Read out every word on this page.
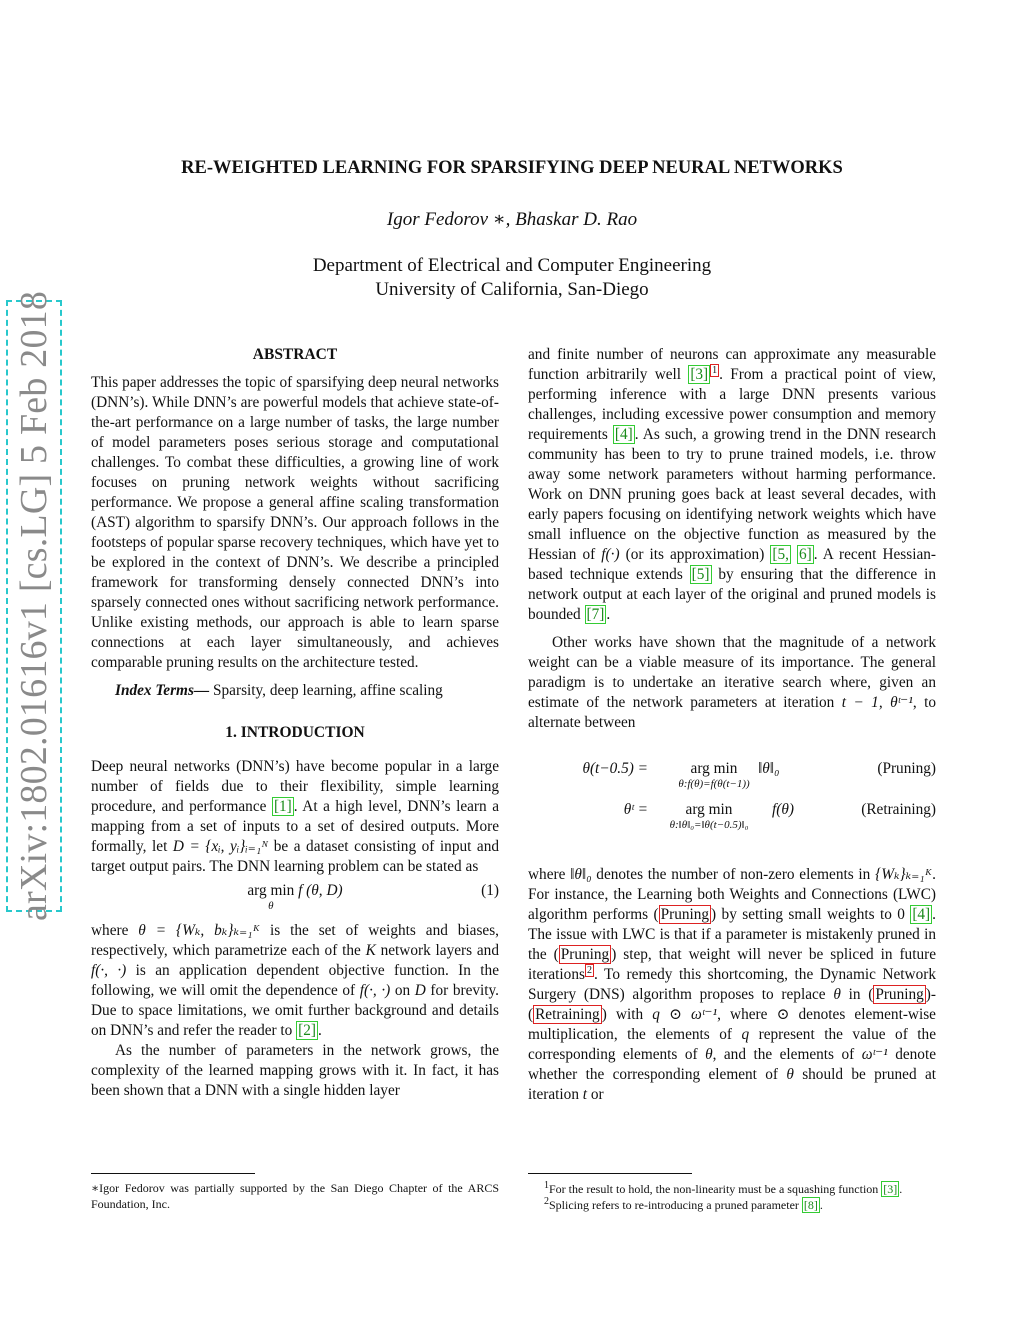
arXiv:1802.01616v1 [cs.LG] 5 Feb 2018
RE-WEIGHTED LEARNING FOR SPARSIFYING DEEP NEURAL NETWORKS
Igor Fedorov ∗, Bhaskar D. Rao
Department of Electrical and Computer Engineering
University of California, San-Diego

ABSTRACT

This paper addresses the topic of sparsifying deep neural networks (DNN’s). While DNN’s are powerful models that achieve state-of-the-art performance on a large number of tasks, the large number of model parameters poses serious storage and computational challenges. To combat these difficulties, a growing line of work focuses on pruning network weights without sacrificing performance. We propose a general affine scaling transformation (AST) algorithm to sparsify DNN’s. Our approach follows in the footsteps of popular sparse recovery techniques, which have yet to be explored in the context of DNN’s. We describe a principled framework for transforming densely connected DNN’s into sparsely connected ones without sacrificing network performance. Unlike existing methods, our approach is able to learn sparse connections at each layer simultaneously, and achieves comparable pruning results on the architecture tested.

Index Terms— Sparsity, deep learning, affine scaling

1. INTRODUCTION

Deep neural networks (DNN’s) have become popular in a large number of fields due to their flexibility, simple learning procedure, and performance [1] . At a high level, DNN’s learn a mapping from a set of inputs to a set of desired outputs. More formally, let D = {xᵢ, yᵢ}ᵢ₌₁ᴺ be a dataset consisting of input and target output pairs. The DNN learning problem can be stated as

arg min
θ
f (θ, D)	(1)

where θ = {Wₖ, bₖ}ₖ₌₁ᴷ is the set of weights and biases, respectively, which parametrize each of the K network layers and f(·, ·) is an application dependent objective function. In the following, we will omit the dependence of f(·, ·) on D for brevity. Due to space limitations, we omit further background and details on DNN’s and refer the reader to [2] .

As the number of parameters in the network grows, the complexity of the learned mapping grows with it. In fact, it has been shown that a DNN with a single hidden layer

∗Igor Fedorov was partially supported by the San Diego Chapter of the ARCS Foundation, Inc.

and finite number of neurons can approximate any measurable function arbitrarily well [3] $^1$ . From a practical point of view, performing inference with a large DNN presents various challenges, including excessive power consumption and memory requirements [4] . As such, a growing trend in the DNN research community has been to try to prune trained models, i.e. throw away some network parameters without harming performance. Work on DNN pruning goes back at least several decades, with early papers focusing on identifying network weights which have small influence on the objective function as measured by the Hessian of f(·) (or its approximation) [5, 6] . A recent Hessian-based technique extends [5] by ensuring that the difference in network output at each layer of the original and pruned models is bounded [7] .

Other works have shown that the magnitude of a network weight can be a viable measure of its importance. The general paradigm is to undertake an iterative search where, given an estimate of the network parameters at iteration t − 1, θᵗ⁻¹, to alternate between

θ(t−0.5) =	arg min
θ:f(θ)=f(θ(t−1))
‖θ‖₀	(Pruning)
θᵗ =	arg min
θ:‖θ‖₀=‖θ(t−0.5)‖₀
f(θ)	(Retraining)

where ‖θ‖₀ denotes the number of non-zero elements in {Wₖ}ₖ₌₁ᴷ. For instance, the Learning both Weights and Connections (LWC) algorithm performs ( Pruning ) by setting small weights to 0 [4] . The issue with LWC is that if a parameter is mistakenly pruned in the ( Pruning ) step, that weight will never be spliced in future iterations $^2$ . To remedy this shortcoming, the Dynamic Network Surgery (DNS) algorithm proposes to replace θ in ( Pruning )-( Retraining ) with q ⊙ ωᵗ⁻¹, where ⊙ denotes element-wise multiplication, the elements of q represent the value of the corresponding elements of θ, and the elements of ωᵗ⁻¹ denote whether the corresponding element of θ should be pruned at iteration t or

$^1$For the result to hold, the non-linearity must be a squashing function [3] .
$^2$Splicing refers to re-introducing a pruned parameter [8] .
